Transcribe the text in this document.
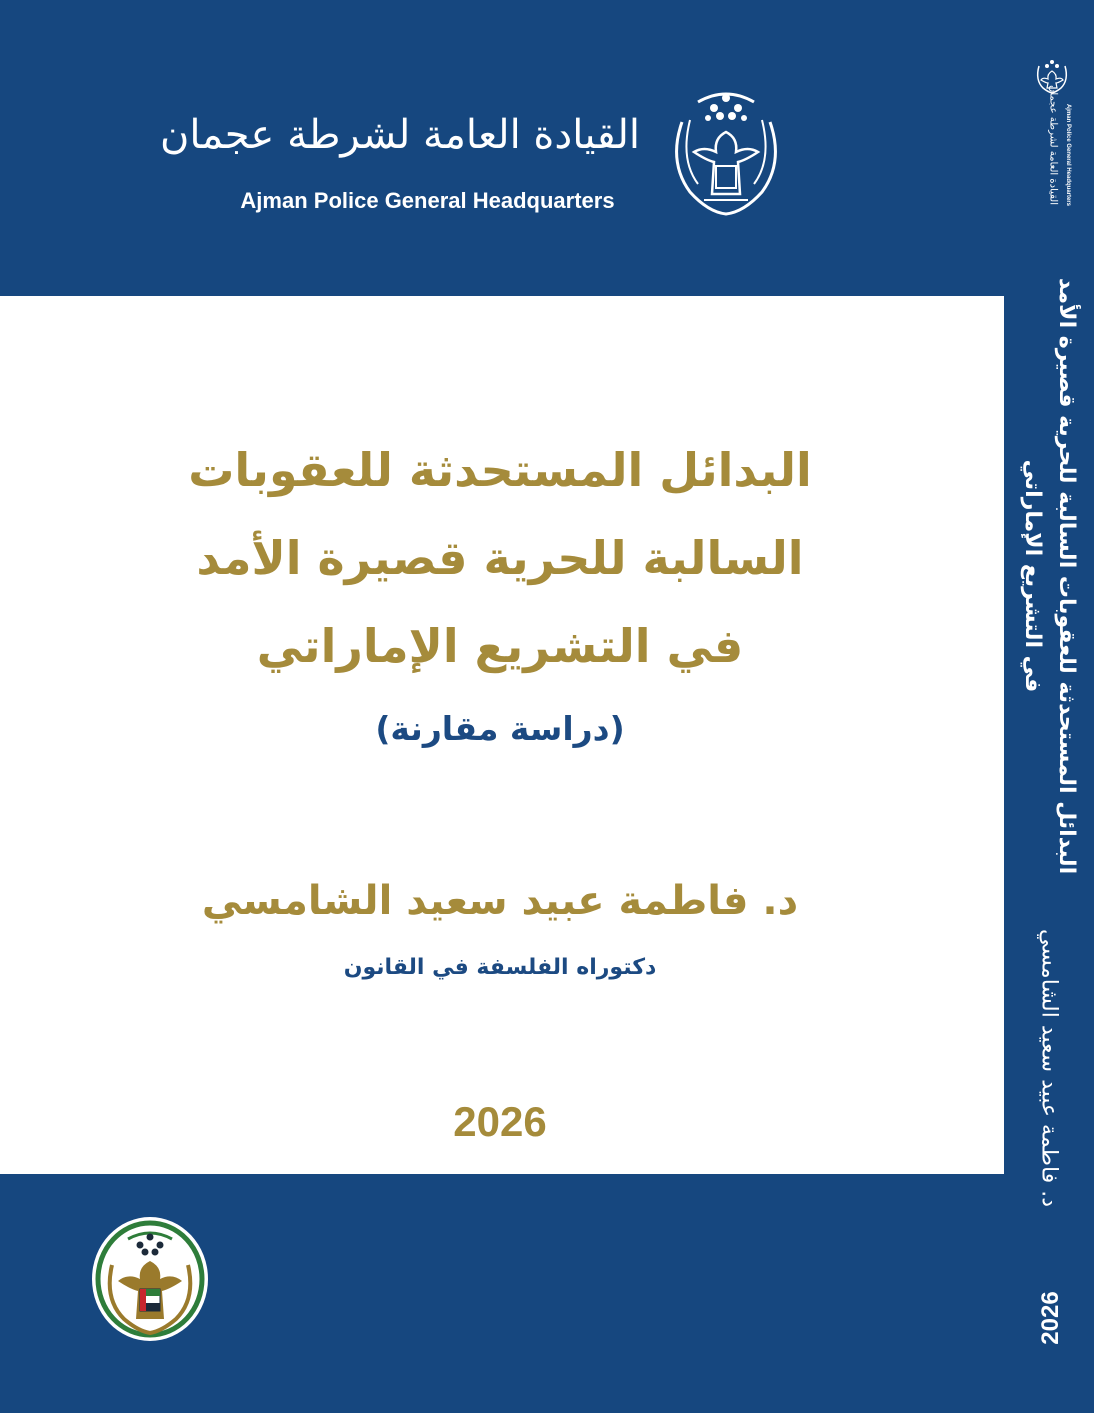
القيادة العامة لشرطة عجمان
Ajman Police General Headquarters
البدائل المستحدثة للعقوبات
السالبة للحرية قصيرة الأمد
في التشريع الإماراتي
(دراسة مقارنة)
د. فاطمة عبيد سعيد الشامسي
دكتوراه الفلسفة في القانون
2026
القيادة العامة لشرطة عجمان Ajman Police General Headquarters
البدائل المستحدثة للعقوبات السالبة للحرية قصيرة الأمد
في التشريع الإماراتي
د. فاطمة عبيد سعيد الشامسي
2026
